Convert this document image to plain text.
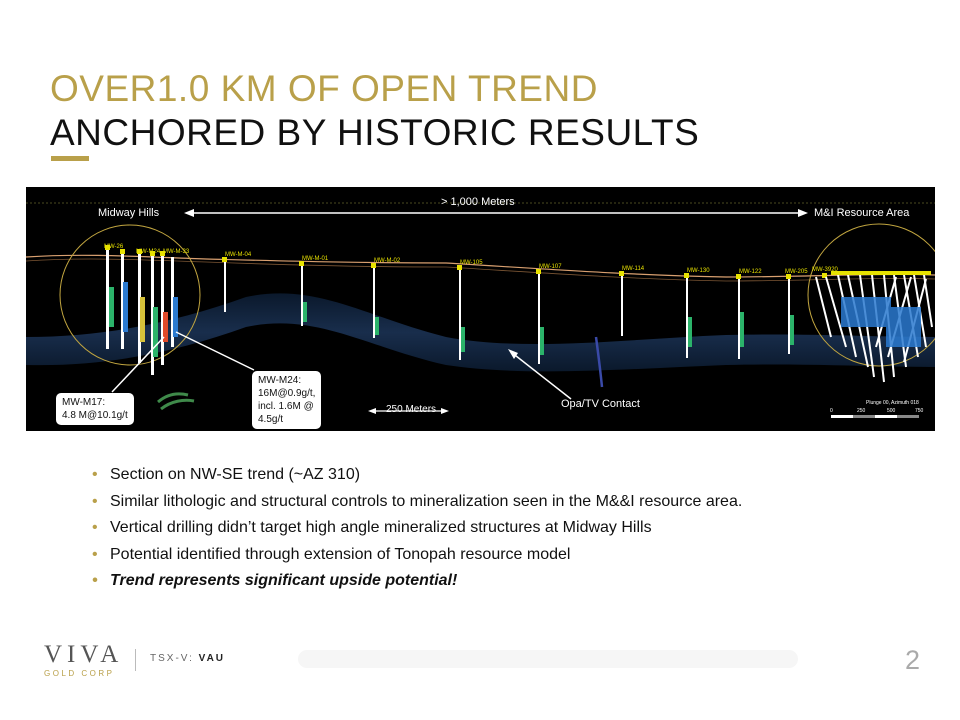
OVER1.0 KM OF OPEN TREND
ANCHORED BY HISTORIC RESULTS
> 1,000 Meters
Midway Hills	M&I Resource Area
MW-26
MW-M24 MW-M-33	MW-M-04
MW-M-01	MW-M-02	MW-105
MW-107	MW-114	MW-130	MW-122	MW-205 MW-3920
MW-M17:
4.8 M@10.1g/t
MW-M24:
16M@0.9g/t,
incl. 1.6M @
4.5g/t
250 Meters	Opa/TV Contact	Plunge 00, Azimuth 018
0	250	500	750
• Section on NW-SE trend (~AZ 310)
• Similar lithologic and structural controls to mineralization seen in the M&&I resource area.
• Vertical drilling didn’t target high angle mineralized structures at Midway Hills
• Potential identified through extension of Tonopah resource model
• Trend represents significant upside potential!
VIVA
GOLD CORP
TSX-V: VAU	2
